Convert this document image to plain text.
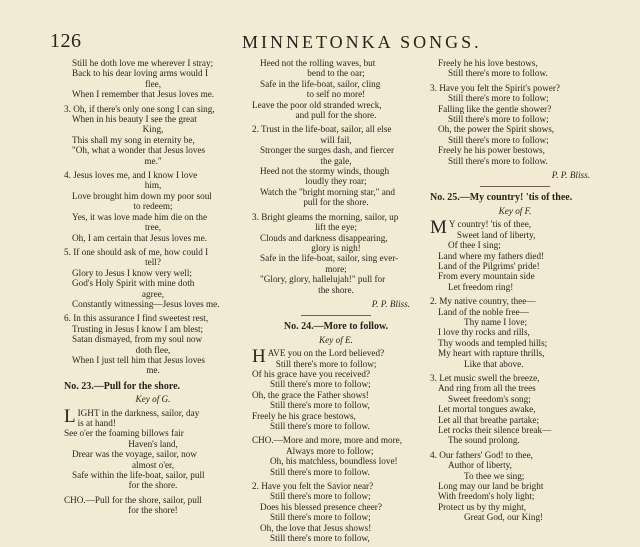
126	MINNETONKA SONGS.
Still he doth love me wherever I stray;
Back to his dear loving arms would I
flee,
When I remember that Jesus loves me.
3. Oh, if there's only one song I can sing,
When in his beauty I see the great
King,
This shall my song in eternity be,
"Oh, what a wonder that Jesus loves
me."
4. Jesus loves me, and I know I love
him,
Love brought him down my poor soul
to redeem;
Yes, it was love made him die on the
tree,
Oh, I am certain that Jesus loves me.
5. If one should ask of me, how could I
tell?
Glory to Jesus I know very well;
God's Holy Spirit with mine doth
agree,
Constantly witnessing—Jesus loves me.
6. In this assurance I find sweetest rest,
Trusting in Jesus I know I am blest;
Satan dismayed, from my soul now
doth flee,
When I just tell him that Jesus loves
me.
No. 23.—Pull for the shore.
Key of G.
L IGHT in the darkness, sailor, day
is at hand!
See o'er the foaming billows fair
Haven's land,
Drear was the voyage, sailor, now
almost o'er,
Safe within the life-boat, sailor, pull
for the shore.
CHO.—Pull for the shore, sailor, pull
for the shore!
Heed not the rolling waves, but
bend to the oar;
Safe in the life-boat, sailor, cling
to self no more!
Leave the poor old stranded wreck,
and pull for the shore.
2. Trust in the life-boat, sailor, all else
will fail,
Stronger the surges dash, and fiercer
the gale,
Heed not the stormy winds, though
loudly they roar;
Watch the "bright morning star," and
pull for the shore.
3. Bright gleams the morning, sailor, up
lift the eye;
Clouds and darkness disappearing,
glory is nigh!
Safe in the life-boat, sailor, sing ever-
more;
"Glory, glory, hallelujah!" pull for
the shore.
P. P. Bliss.
No. 24.—More to follow.
Key of E.
H AVE you on the Lord believed?
Still there's more to follow;
Of his grace have you received?
Still there's more to follow;
Oh, the grace the Father shows!
Still there's more to follow,
Freely he his grace bestows,
Still there's more to follow.
CHO.—More and more, more and more,
Always more to follow;
Oh, his matchless, boundless love!
Still there's more to follow.
2. Have you felt the Savior near?
Still there's more to follow;
Does his blessed presence cheer?
Still there's more to follow;
Oh, the love that Jesus shows!
Still there's more to follow,
Freely he his love bestows,
Still there's more to follow.
3. Have you felt the Spirit's power?
Still there's more to follow;
Falling like the gentle shower?
Still there's more to follow;
Oh, the power the Spirit shows,
Still there's more to follow;
Freely he his power bestows,
Still there's more to follow.
P. P. Bliss.
No. 25.—My country! 'tis of thee.
Key of F.
M Y country! 'tis of thee,
Sweet land of liberty,
Of thee I sing;
Land where my fathers died!
Land of the Pilgrims' pride!
From every mountain side
Let freedom ring!
2. My native country, thee—
Land of the noble free—
Thy name I love;
I love thy rocks and rills,
Thy woods and templed hills;
My heart with rapture thrills,
Like that above.
3. Let music swell the breeze,
And ring from all the trees
Sweet freedom's song;
Let mortal tongues awake,
Let all that breathe partake;
Let rocks their silence break—
The sound prolong.
4. Our fathers' God! to thee,
Author of liberty,
To thee we sing;
Long may our land be bright
With freedom's holy light;
Protect us by thy might,
Great God, our King!
